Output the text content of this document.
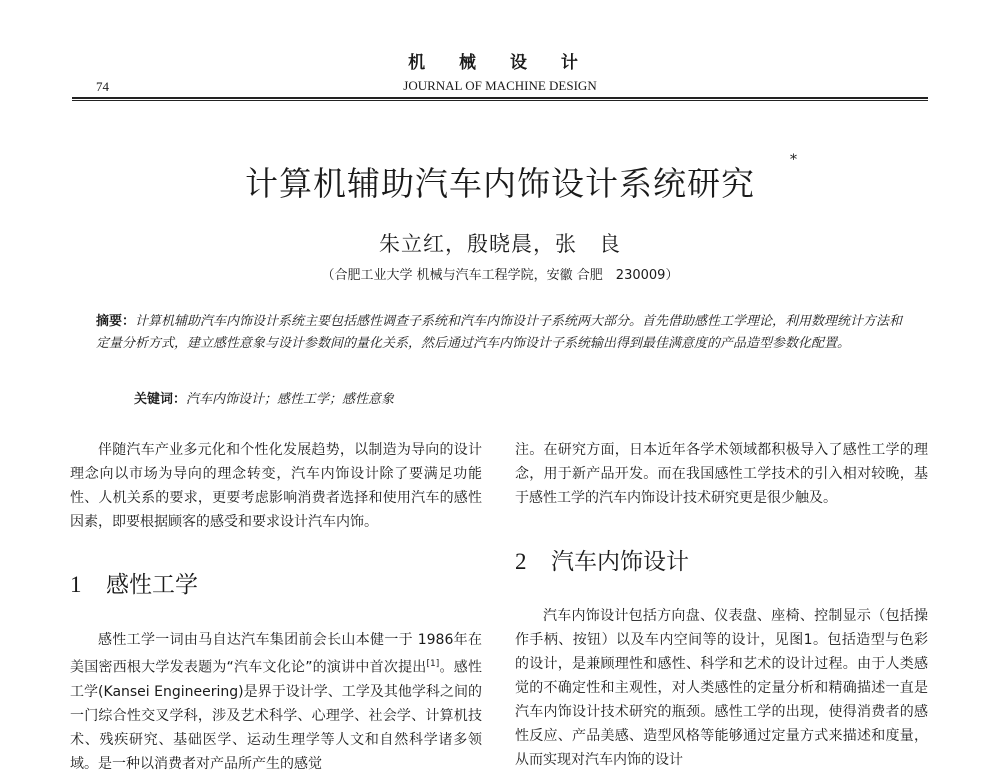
机 械 设 计
74	JOURNAL OF MACHINE DESIGN
计算机辅助汽车内饰设计系统研究
*
朱立红，殷晓晨，张　良
（合肥工业大学 机械与汽车工程学院，安徽 合肥　230009）
摘要：计算机辅助汽车内饰设计系统主要包括感性调查子系统和汽车内饰设计子系统两大部分。首先借助感性工学理论，利用数理统计方法和定量分析方式，建立感性意象与设计参数间的量化关系，然后通过汽车内饰设计子系统输出得到最佳满意度的产品造型参数化配置。
关键词：汽车内饰设计；感性工学；感性意象

伴随汽车产业多元化和个性化发展趋势，以制造为导向的设计理念向以市场为导向的理念转变，汽车内饰设计除了要满足功能性、人机关系的要求，更要考虑影响消费者选择和使用汽车的感性因素，即要根据顾客的感受和要求设计汽车内饰。

1 感性工学

感性工学一词由马自达汽车集团前会长山本健一于 1986年在美国密西根大学发表题为“汽车文化论”的演讲中首次提出[1]。感性工学(Kansei Engineering)是界于设计学、工学及其他学科之间的一门综合性交叉学科，涉及艺术科学、心理学、社会学、计算机技术、残疾研究、基础医学、运动生理学等人文和自然科学诸多领域。是一种以消费者对产品所产生的感觉

注。在研究方面，日本近年各学术领域都积极导入了感性工学的理念，用于新产品开发。而在我国感性工学技术的引入相对较晚，基于感性工学的汽车内饰设计技术研究更是很少触及。

2 汽车内饰设计

汽车内饰设计包括方向盘、仪表盘、座椅、控制显示（包括操作手柄、按钮）以及车内空间等的设计，见图1。包括造型与色彩的设计，是兼顾理性和感性、科学和艺术的设计过程。由于人类感觉的不确定性和主观性，对人类感性的定量分析和精确描述一直是汽车内饰设计技术研究的瓶颈。感性工学的出现，使得消费者的感性反应、产品美感、造型风格等能够通过定量方式来描述和度量，从而实现对汽车内饰的设计
